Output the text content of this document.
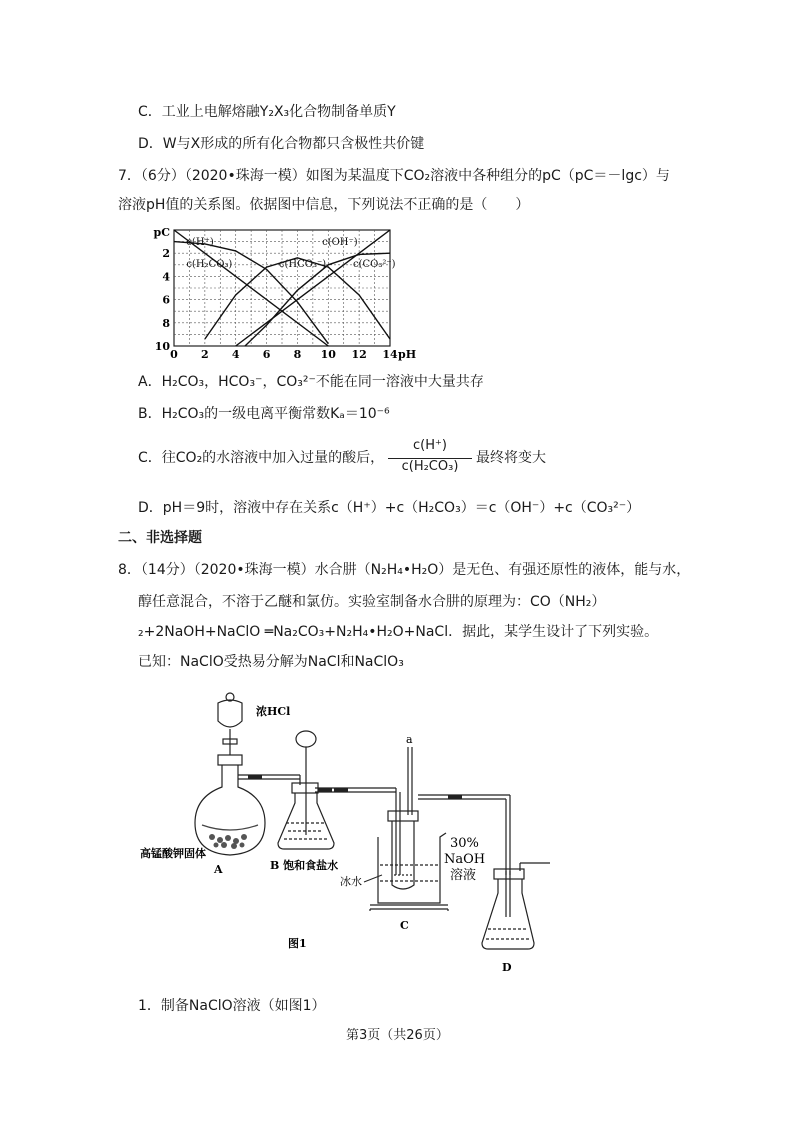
C．工业上电解熔融Y₂X₃化合物制备单质Y
D．W与X形成的所有化合物都只含极性共价键
7．（6分）（2020•珠海一模）如图为某温度下CO₂溶液中各种组分的pC（pC＝－lgc）与
溶液pH值的关系图。依据图中信息，下列说法不正确的是（　　）
c(H⁺)	c(OH⁻)
c(H₂CO₃)	c(HCO₃⁻)	c(CO₃²⁻)
0 2 4 6 8 10 12 14 pH
2
4
6
8
10
pC
A．H₂CO₃，HCO₃⁻，CO₃²⁻不能在同一溶液中大量共存
B．H₂CO₃的一级电离平衡常数Kₐ＝10⁻⁶
C．往CO₂的水溶液中加入过量的酸后， $\frac{c(H^+)}{\text{c(H₂CO₃)}}$ 最终将变大
D．pH＝9时，溶液中存在关系c（H⁺）+c（H₂CO₃）＝c（OH⁻）+c（CO₃²⁻）
二、非选择题
8．（14分）（2020•珠海一模）水合肼（N₂H₄•H₂O）是无色、有强还原性的液体，能与水，
醇任意混合，不溶于乙醚和氯仿。实验室制备水合肼的原理为：CO（NH₂）
₂+2NaOH+NaClO ═Na₂CO₃+N₂H₄•H₂O+NaCl．据此，某学生设计了下列实验。
已知：NaClO受热易分解为NaCl和NaClO₃
浓HCl
高锰酸钾固体
A	B 饱和食盐水
a
30%
NaOH
溶液
冰水
C
D
图1
1．制备NaClO溶液（如图1）
第3页（共26页）
